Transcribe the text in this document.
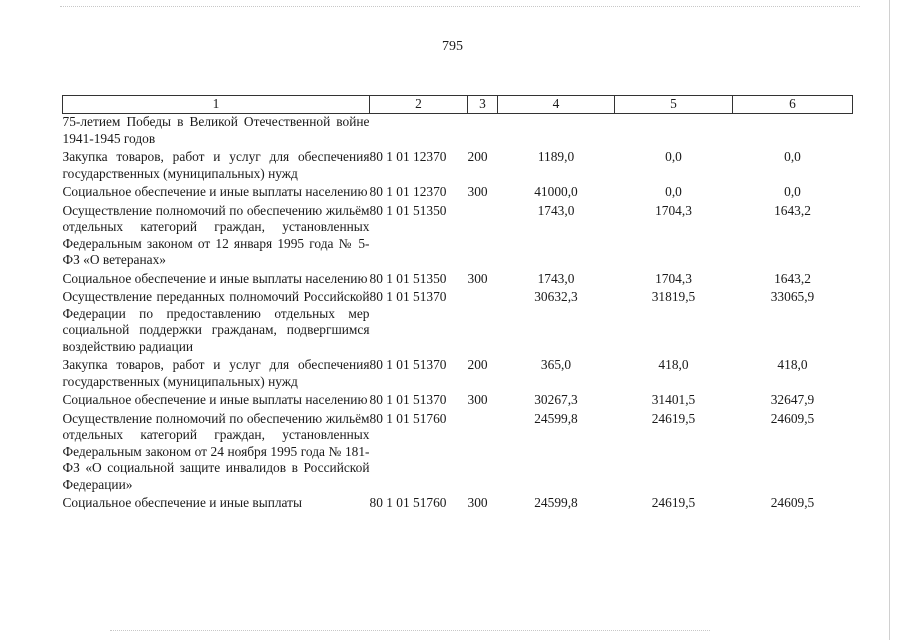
795
1	2	3	4	5	6
75-летием Победы в Великой Отечественной войне 1941-1945 годов					
Закупка товаров, работ и услуг для обеспечения государственных (муниципальных) нужд	80 1 01 12370	200	1189,0	0,0	0,0
Социальное обеспечение и иные выплаты населению	80 1 01 12370	300	41000,0	0,0	0,0
Осуществление полномочий по обеспечению жильём отдельных категорий граждан, установленных Федеральным законом от 12 января 1995 года № 5-ФЗ «О ветеранах»	80 1 01 51350		1743,0	1704,3	1643,2
Социальное обеспечение и иные выплаты населению	80 1 01 51350	300	1743,0	1704,3	1643,2
Осуществление переданных полномочий Российской Федерации по предоставлению отдельных мер социальной поддержки гражданам, подвергшимся воздействию радиации	80 1 01 51370		30632,3	31819,5	33065,9
Закупка товаров, работ и услуг для обеспечения государственных (муниципальных) нужд	80 1 01 51370	200	365,0	418,0	418,0
Социальное обеспечение и иные выплаты населению	80 1 01 51370	300	30267,3	31401,5	32647,9
Осуществление полномочий по обеспечению жильём отдельных категорий граждан, установленных Федеральным законом от 24 ноября 1995 года № 181-ФЗ «О социальной защите инвалидов в Российской Федерации»	80 1 01 51760		24599,8	24619,5	24609,5
Социальное обеспечение и иные выплаты	80 1 01 51760	300	24599,8	24619,5	24609,5
